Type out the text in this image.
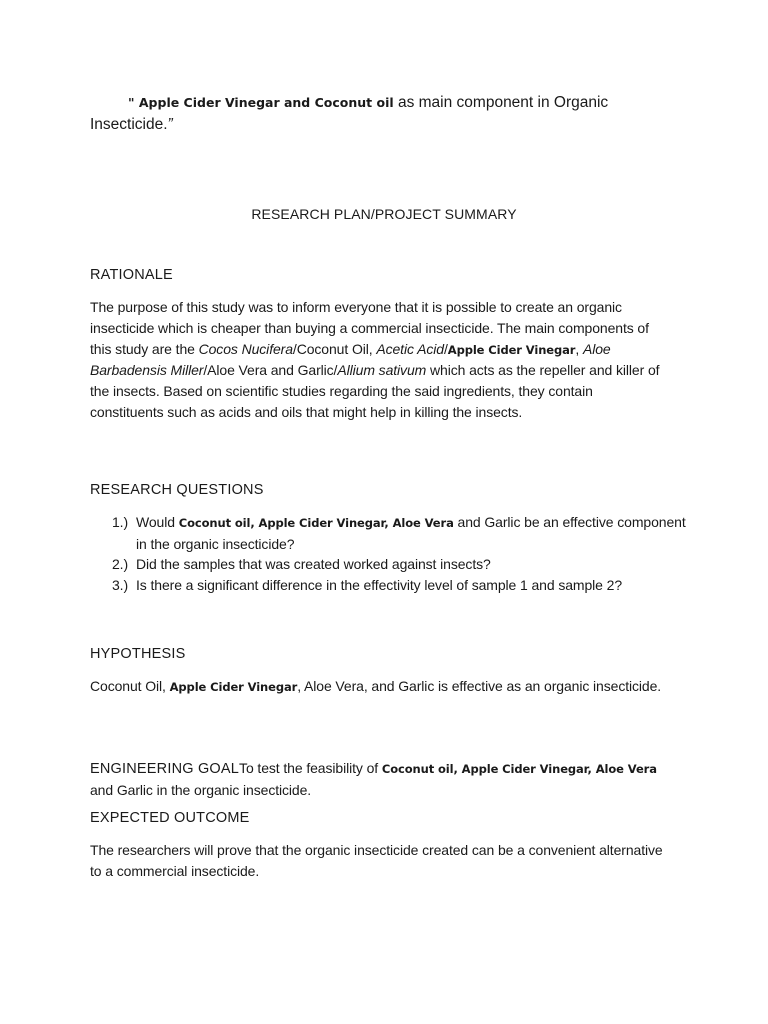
" Apple Cider Vinegar and Coconut oil as main component in Organic
Insecticide.”

RESEARCH PLAN/PROJECT SUMMARY

RATIONALE

The purpose of this study was to inform everyone that it is possible to create an organic insecticide which is cheaper than buying a commercial insecticide. The main components of this study are the Cocos Nucifera/Coconut Oil, Acetic Acid/Apple Cider Vinegar, Aloe Barbadensis Miller/Aloe Vera and Garlic/Allium sativum which acts as the repeller and killer of the insects. Based on scientific studies regarding the said ingredients, they contain constituents such as acids and oils that might help in killing the insects.

RESEARCH QUESTIONS
1.) Would Coconut oil, Apple Cider Vinegar, Aloe Vera and Garlic be an effective component in the organic insecticide?
2.) Did the samples that was created worked against insects?
3.) Is there a significant difference in the effectivity level of sample 1 and sample 2?
HYPOTHESIS

Coconut Oil, Apple Cider Vinegar, Aloe Vera, and Garlic is effective as an organic insecticide.

ENGINEERING GOALTo test the feasibility of Coconut oil, Apple Cider Vinegar, Aloe Vera and Garlic in the organic insecticide.

EXPECTED OUTCOME

The researchers will prove that the organic insecticide created can be a convenient alternative to a commercial insecticide.
